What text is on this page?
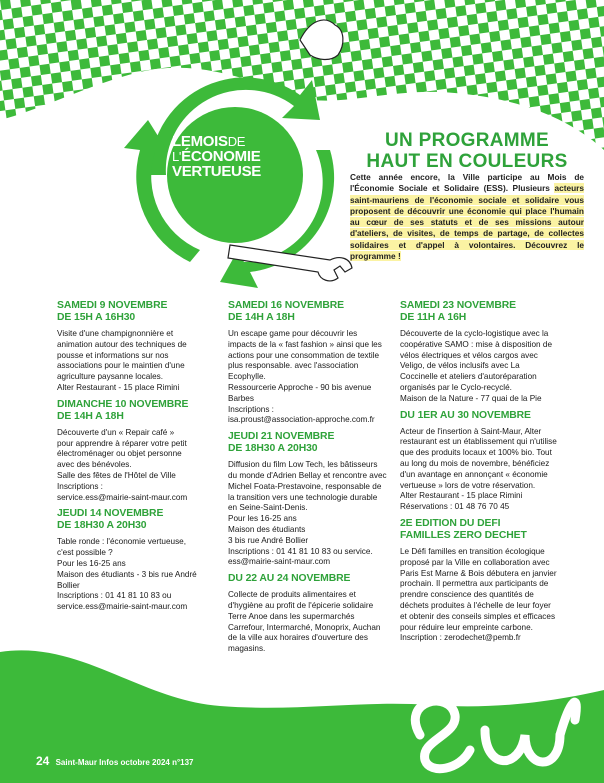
LEMOISDE
L'ÉCONOMIE
VERTUEUSE
UN PROGRAMME
HAUT EN COULEURS
Cette année encore, la Ville participe au Mois de l'Économie Sociale et Solidaire (ESS). Plusieurs acteurs saint-mauriens de l'économie sociale et solidaire vous proposent de découvrir une économie qui place l'humain au cœur de ses statuts et de ses missions autour d'ateliers, de visites, de temps de partage, de collectes solidaires et d'appel à volontaires. Découvrez le programme !
SAMEDI 9 NOVEMBRE
DE 15H A 16H30

Visite d'une champignonnière et

animation autour des techniques de

pousse et informations sur nos

associations pour le maintien d'une

agriculture paysanne locales.

Alter Restaurant - 15 place Rimini

DIMANCHE 10 NOVEMBRE
DE 14H A 18H

Découverte d'un « Repair café »

pour apprendre à réparer votre petit

électroménager ou objet personne

avec des bénévoles.

Salle des fêtes de l'Hôtel de Ville

Inscriptions :

service.ess@mairie-saint-maur.com

JEUDI 14 NOVEMBRE
DE 18H30 A 20H30

Table ronde : l'économie vertueuse,

c'est possible ?

Pour les 16-25 ans

Maison des étudiants - 3 bis rue André

Bollier

Inscriptions : 01 41 81 10 83 ou

service.ess@mairie-saint-maur.com

SAMEDI 16 NOVEMBRE
DE 14H A 18H

Un escape game pour découvrir les

impacts de la « fast fashion » ainsi que les

actions pour une consommation de textile

plus responsable. avec l'association

Ecophylle.

Ressourcerie Approche - 90 bis avenue

Barbes

Inscriptions :

isa.proust@association-approche.com.fr

JEUDI 21 NOVEMBRE
DE 18H30 A 20H30

Diffusion du film Low Tech, les bâtisseurs

du monde d'Adrien Bellay et rencontre avec

Michel Foata-Prestavoine, responsable de

la transition vers une technologie durable

en Seine-Saint-Denis.

Pour les 16-25 ans

Maison des étudiants

3 bis rue André Bollier

Inscriptions : 01 41 81 10 83 ou service.

ess@mairie-saint-maur.com

DU 22 AU 24 NOVEMBRE

Collecte de produits alimentaires et

d'hygiène au profit de l'épicerie solidaire

Terre Anoe dans les supermarchés

Carrefour, Intermarché, Monoprix, Auchan

de la ville aux horaires d'ouverture des

magasins.

SAMEDI 23 NOVEMBRE
DE 11H A 16H

Découverte de la cyclo-logistique avec la

coopérative SAMO : mise à disposition de

vélos électriques et vélos cargos avec

Veligo, de vélos inclusifs avec La

Coccinelle et ateliers d'autoréparation

organisés par le Cyclo-recyclé.

Maison de la Nature - 77 quai de la Pie

DU 1ER AU 30 NOVEMBRE

Acteur de l'insertion à Saint-Maur, Alter

restaurant est un établissement qui n'utilise

que des produits locaux et 100% bio. Tout

au long du mois de novembre, bénéficiez

d'un avantage en annonçant « économie

vertueuse » lors de votre réservation.

Alter Restaurant - 15 place Rimini

Réservations : 01 48 76 70 45

2E EDITION DU DEFI
FAMILLES ZERO DECHET

Le Défi familles en transition écologique

proposé par la Ville en collaboration avec

Paris Est Marne & Bois débutera en janvier

prochain. Il permettra aux participants de

prendre conscience des quantités de

déchets produites à l'échelle de leur foyer

et obtenir des conseils simples et efficaces

pour réduire leur empreinte carbone.

Inscription : zerodechet@pemb.fr

24 Saint-Maur Infos octobre 2024 n°137
